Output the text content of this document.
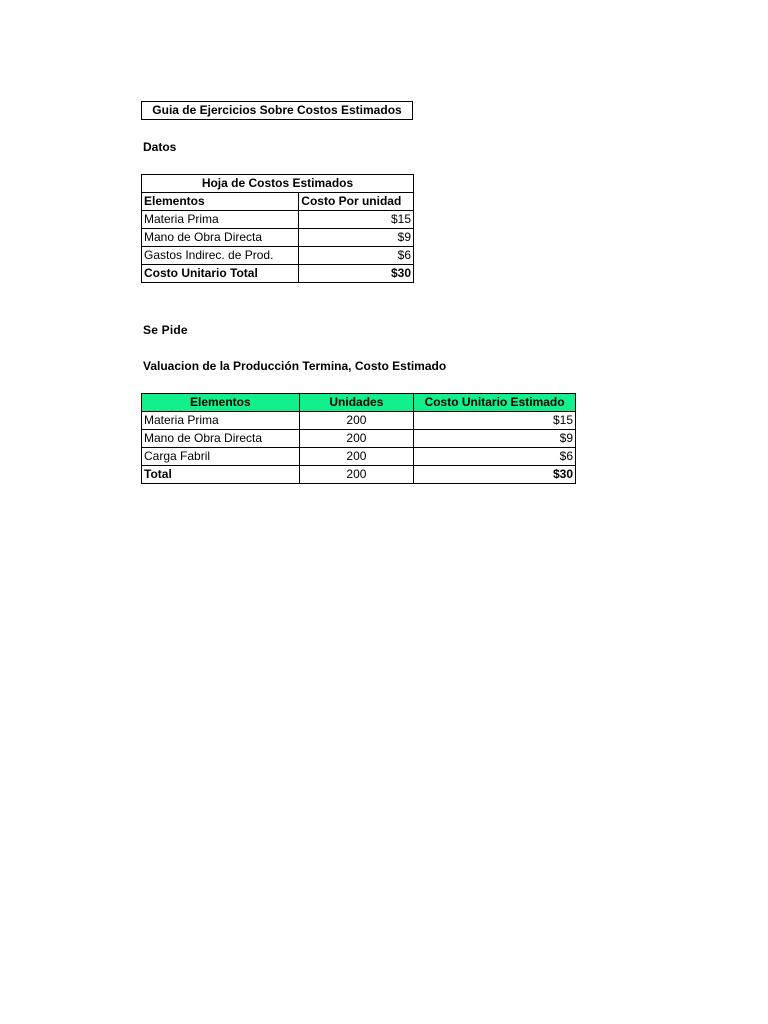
Guia de Ejercicios Sobre Costos Estimados
Datos
Hoja de Costos Estimados	
Elementos	Costo Por unidad
Materia Prima	$15
Mano de Obra Directa	$9
Gastos Indirec. de Prod.	$6
Costo Unitario Total	$30
Se Pide
Valuacion de la Producción Termina, Costo Estimado
Elementos	Unidades	Costo Unitario Estimado
Materia Prima	200	$15
Mano de Obra Directa	200	$9
Carga Fabril	200	$6
Total	200	$30
